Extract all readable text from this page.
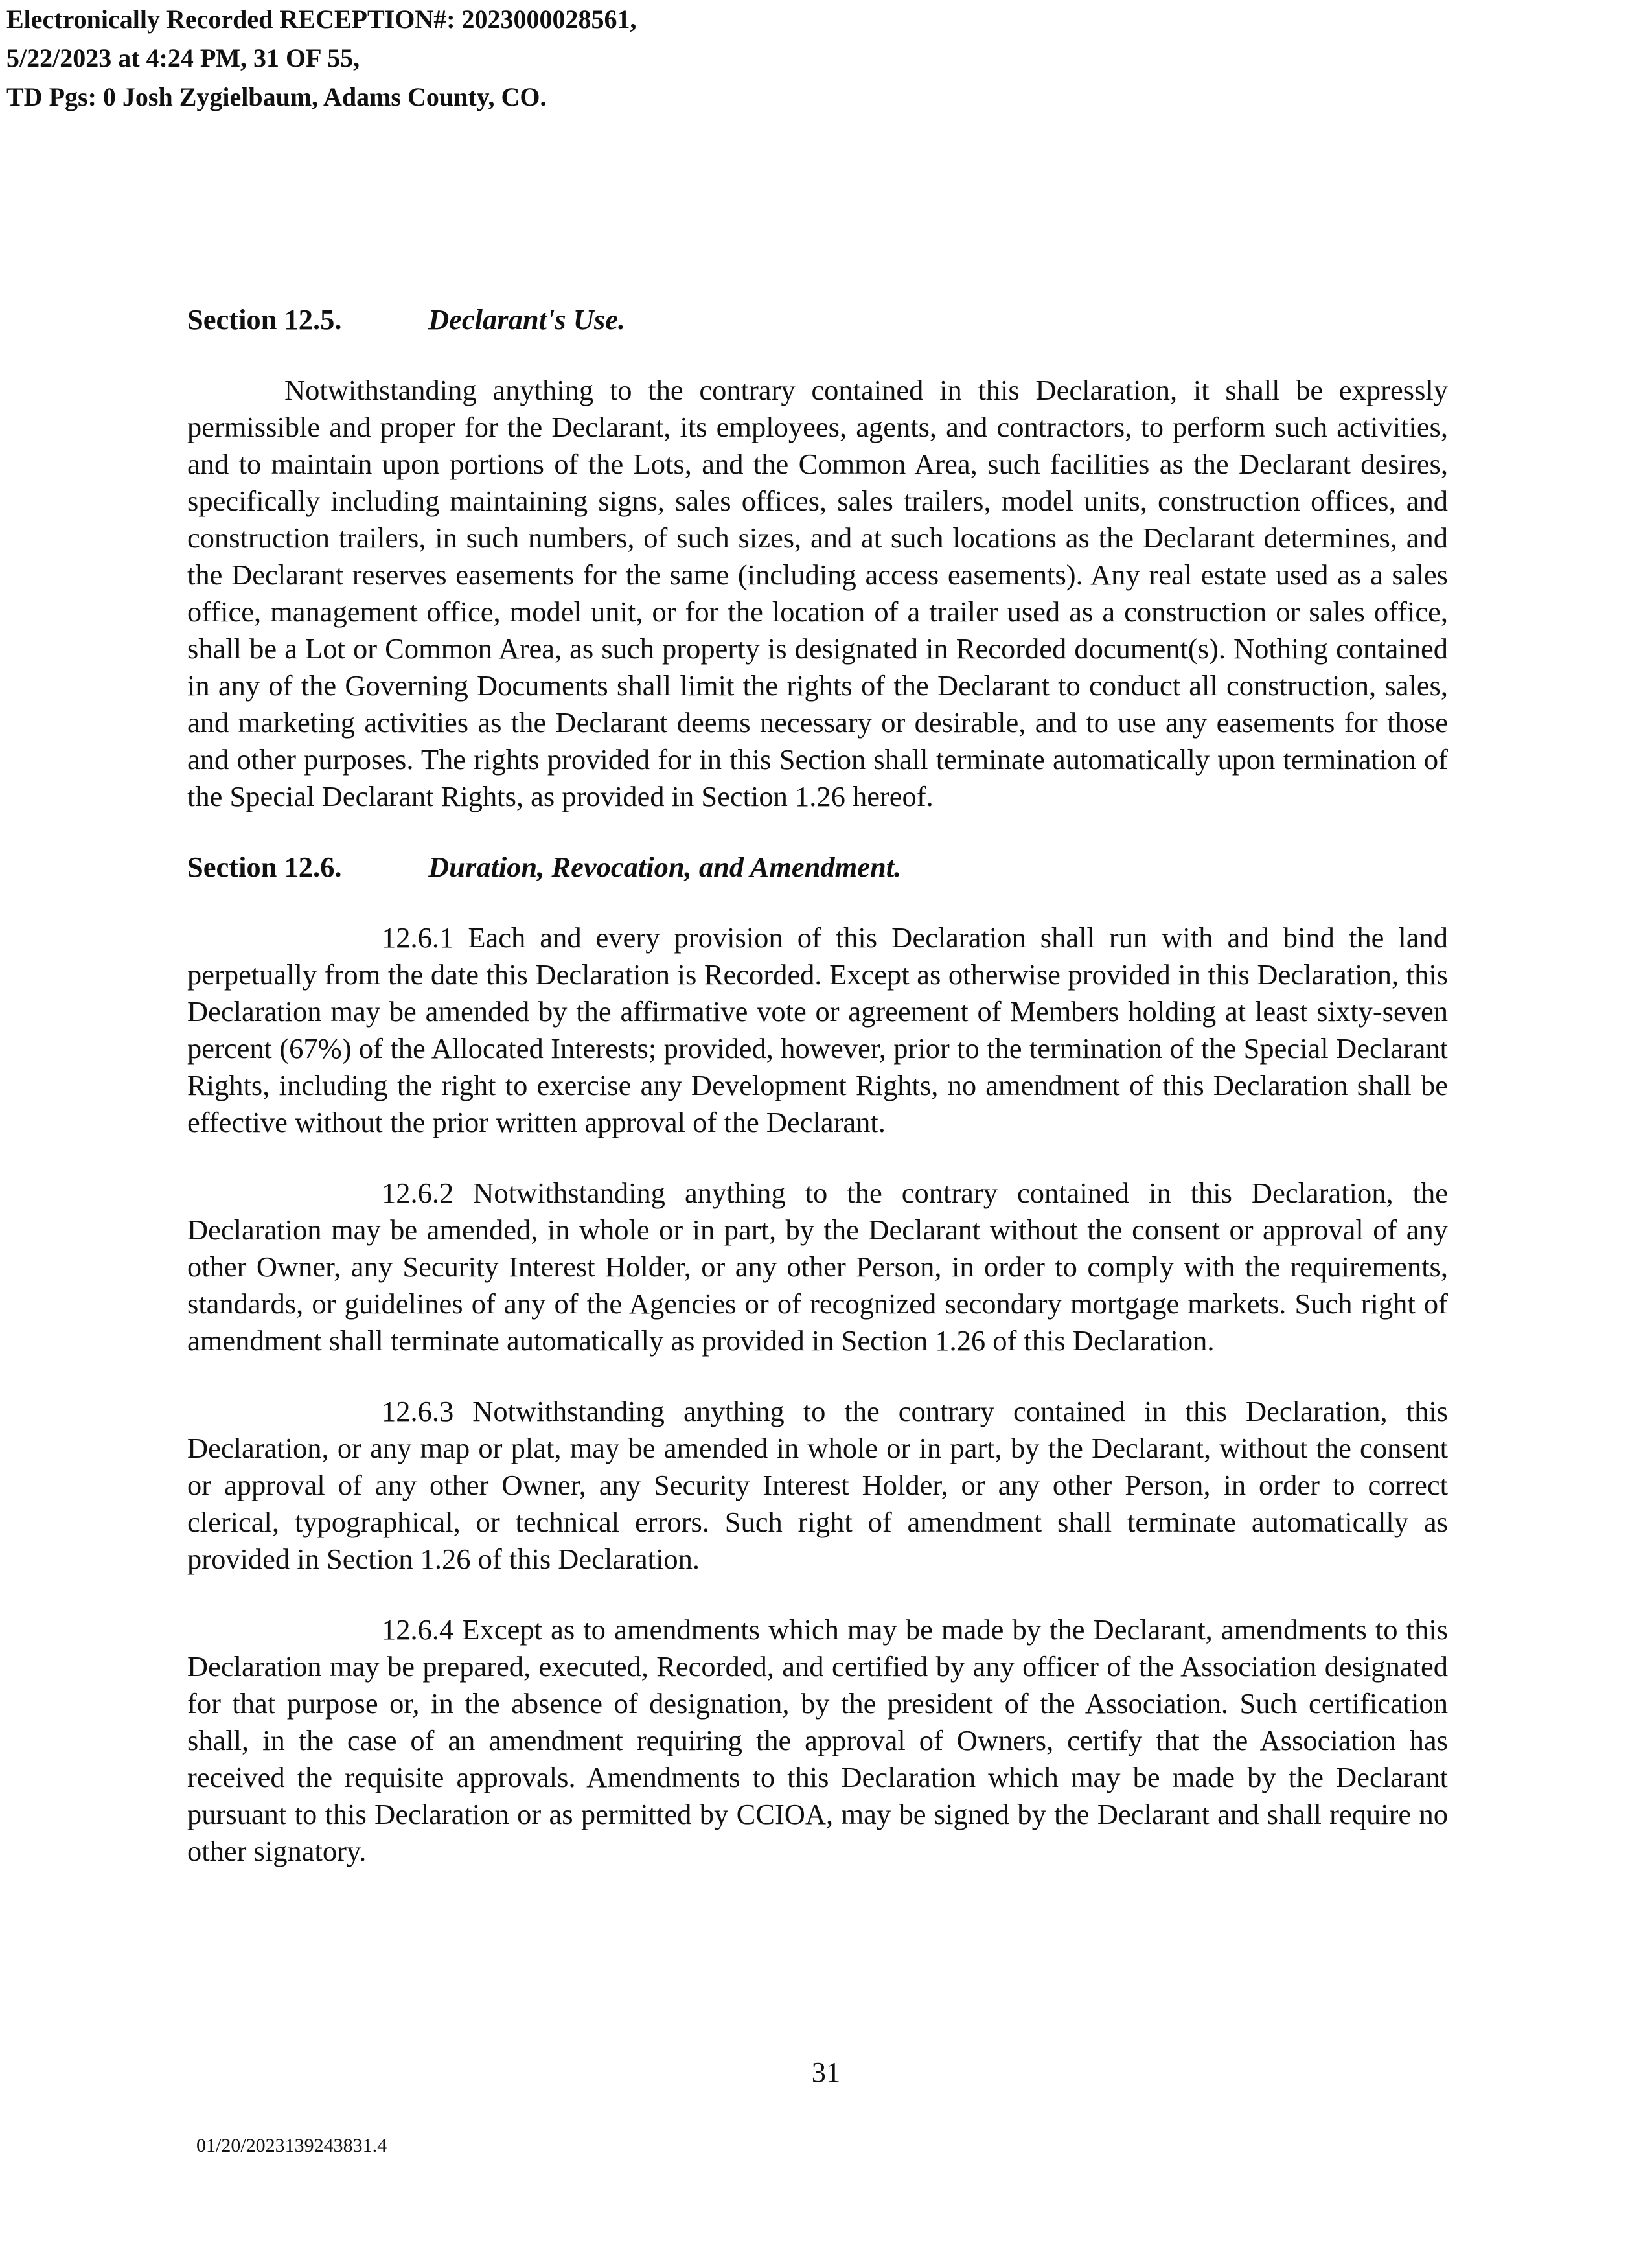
Electronically Recorded RECEPTION#: 2023000028561,
5/22/2023 at 4:24 PM, 31 OF 55,
TD Pgs: 0 Josh Zygielbaum, Adams County, CO.

Section 12.5.	Declarant's Use.

Notwithstanding anything to the contrary contained in this Declaration, it shall be expressly permissible and proper for the Declarant, its employees, agents, and contractors, to perform such activities, and to maintain upon portions of the Lots, and the Common Area, such facilities as the Declarant desires, specifically including maintaining signs, sales offices, sales trailers, model units, construction offices, and construction trailers, in such numbers, of such sizes, and at such locations as the Declarant determines, and the Declarant reserves easements for the same (including access easements). Any real estate used as a sales office, management office, model unit, or for the location of a trailer used as a construction or sales office, shall be a Lot or Common Area, as such property is designated in Recorded document(s). Nothing contained in any of the Governing Documents shall limit the rights of the Declarant to conduct all construction, sales, and marketing activities as the Declarant deems necessary or desirable, and to use any easements for those and other purposes. The rights provided for in this Section shall terminate automatically upon termination of the Special Declarant Rights, as provided in Section 1.26 hereof.

Section 12.6.	Duration, Revocation, and Amendment.

12.6.1 Each and every provision of this Declaration shall run with and bind the land perpetually from the date this Declaration is Recorded. Except as otherwise provided in this Declaration, this Declaration may be amended by the affirmative vote or agreement of Members holding at least sixty-seven percent (67%) of the Allocated Interests; provided, however, prior to the termination of the Special Declarant Rights, including the right to exercise any Development Rights, no amendment of this Declaration shall be effective without the prior written approval of the Declarant.

12.6.2 Notwithstanding anything to the contrary contained in this Declaration, the Declaration may be amended, in whole or in part, by the Declarant without the consent or approval of any other Owner, any Security Interest Holder, or any other Person, in order to comply with the requirements, standards, or guidelines of any of the Agencies or of recognized secondary mortgage markets. Such right of amendment shall terminate automatically as provided in Section 1.26 of this Declaration.

12.6.3 Notwithstanding anything to the contrary contained in this Declaration, this Declaration, or any map or plat, may be amended in whole or in part, by the Declarant, without the consent or approval of any other Owner, any Security Interest Holder, or any other Person, in order to correct clerical, typographical, or technical errors. Such right of amendment shall terminate automatically as provided in Section 1.26 of this Declaration.

12.6.4 Except as to amendments which may be made by the Declarant, amendments to this Declaration may be prepared, executed, Recorded, and certified by any officer of the Association designated for that purpose or, in the absence of designation, by the president of the Association. Such certification shall, in the case of an amendment requiring the approval of Owners, certify that the Association has received the requisite approvals. Amendments to this Declaration which may be made by the Declarant pursuant to this Declaration or as permitted by CCIOA, may be signed by the Declarant and shall require no other signatory.

31
01/20/2023139243831.4
